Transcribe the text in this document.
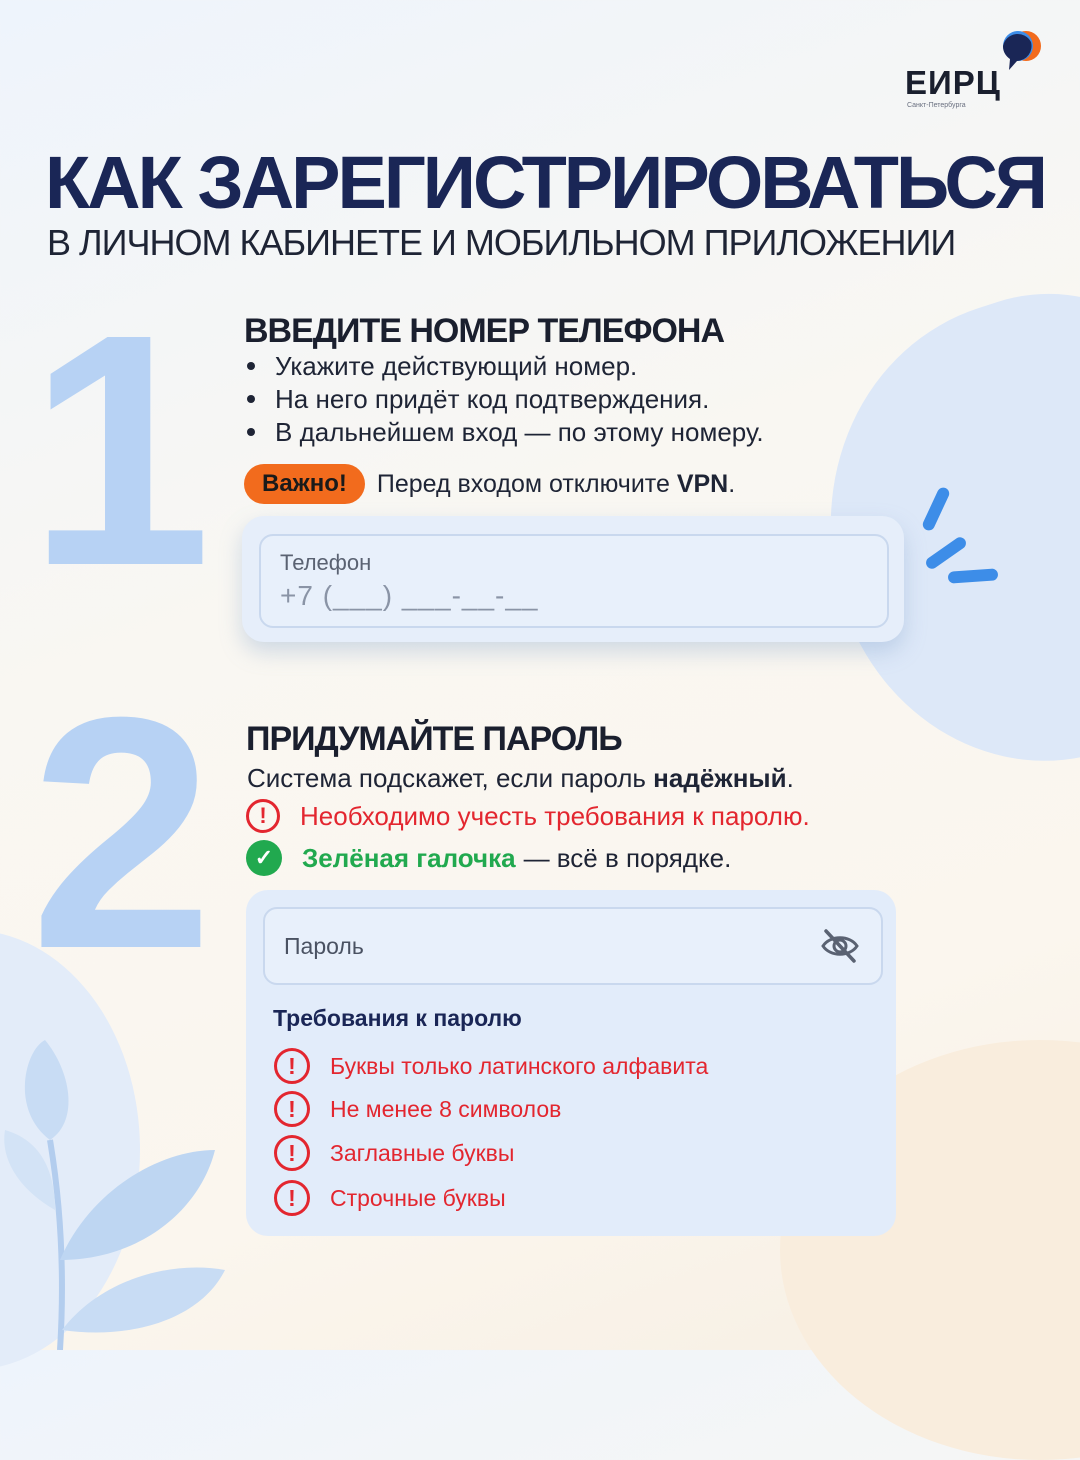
ЕИРЦ
Санкт-Петербурга
КАК ЗАРЕГИСТРИРОВАТЬСЯ
В ЛИЧНОМ КАБИНЕТЕ И МОБИЛЬНОМ ПРИЛОЖЕНИИ
1 ВВЕДИТЕ НОМЕР ТЕЛЕФОНА
Укажите действующий номер.
На него придёт код подтверждения.
В дальнейшем вход — по этому номеру.
Важно!	Перед входом отключите VPN.
Телефон
+7 (___) ___-__-__
2 ПРИДУМАЙТЕ ПАРОЛЬ
Система подскажет, если пароль надёжный.
!	Необходимо учесть требования к паролю.
✓	Зелёная галочка — всё в порядке.
Пароль
Требования к паролю
!	Буквы только латинского алфавита
!	Не менее 8 символов
!	Заглавные буквы
!	Строчные буквы
